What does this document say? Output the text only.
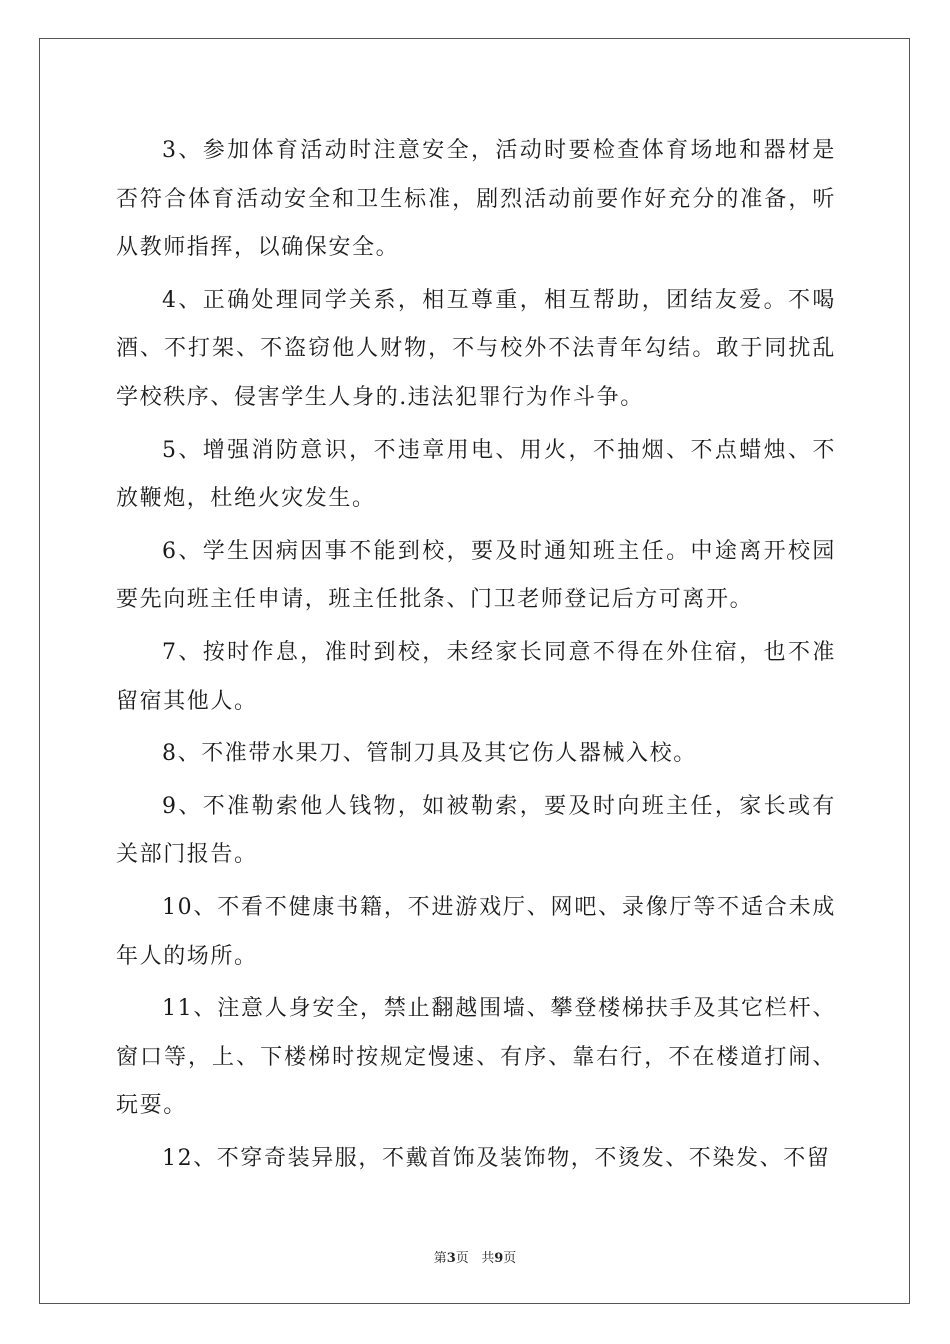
3、参加体育活动时注意安全，活动时要检查体育场地和器材是否符合体育活动安全和卫生标准，剧烈活动前要作好充分的准备，听从教师指挥，以确保安全。

4、正确处理同学关系，相互尊重，相互帮助，团结友爱。不喝酒、不打架、不盗窃他人财物，不与校外不法青年勾结。敢于同扰乱学校秩序、侵害学生人身的.违法犯罪行为作斗争。

5、增强消防意识，不违章用电、用火，不抽烟、不点蜡烛、不放鞭炮，杜绝火灾发生。

6、学生因病因事不能到校，要及时通知班主任。中途离开校园要先向班主任申请，班主任批条、门卫老师登记后方可离开。

7、按时作息，准时到校，未经家长同意不得在外住宿，也不准留宿其他人。

8、不准带水果刀、管制刀具及其它伤人器械入校。

9、不准勒索他人钱物，如被勒索，要及时向班主任，家长或有关部门报告。

10、不看不健康书籍，不进游戏厅、网吧、录像厅等不适合未成年人的场所。

11、注意人身安全，禁止翻越围墙、攀登楼梯扶手及其它栏杆、窗口等，上、下楼梯时按规定慢速、有序、靠右行，不在楼道打闹、玩耍。

12、不穿奇装异服，不戴首饰及装饰物，不烫发、不染发、不留

第3页 共9页
